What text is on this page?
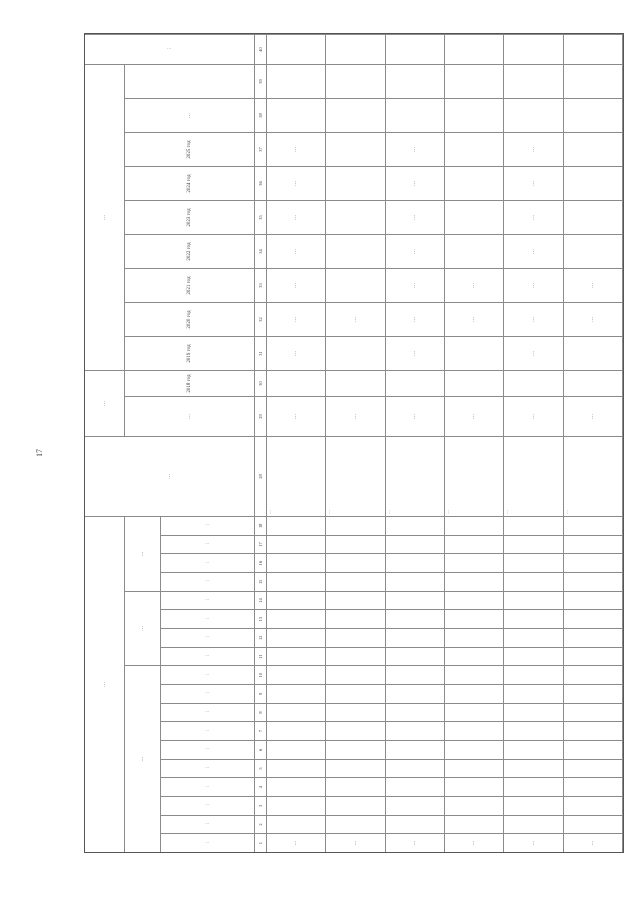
17
…
…
…
…
…
…
…
…
…
…
…
…
…
…
…
…
…
…
…
…
…
…
…
…
…
2018 год
…
2019 год
2020 год
2021 год
2022 год
2023 год
2024 год
2025 год
…
…
1
2
3
4
5
6
7
8
9
10
11
12
13
14
15
16
17
18
28
29
30
31
32
33
34
35
36
37
38
39
40
…
…
…
…
…
…
…
…
…
…
…
…
…
…
…
…
…
…
…
…
…
…
…
…
…
…
…
…
…
…
…
…
…
…
…
…
…
…
…
…
…
…
…
…
